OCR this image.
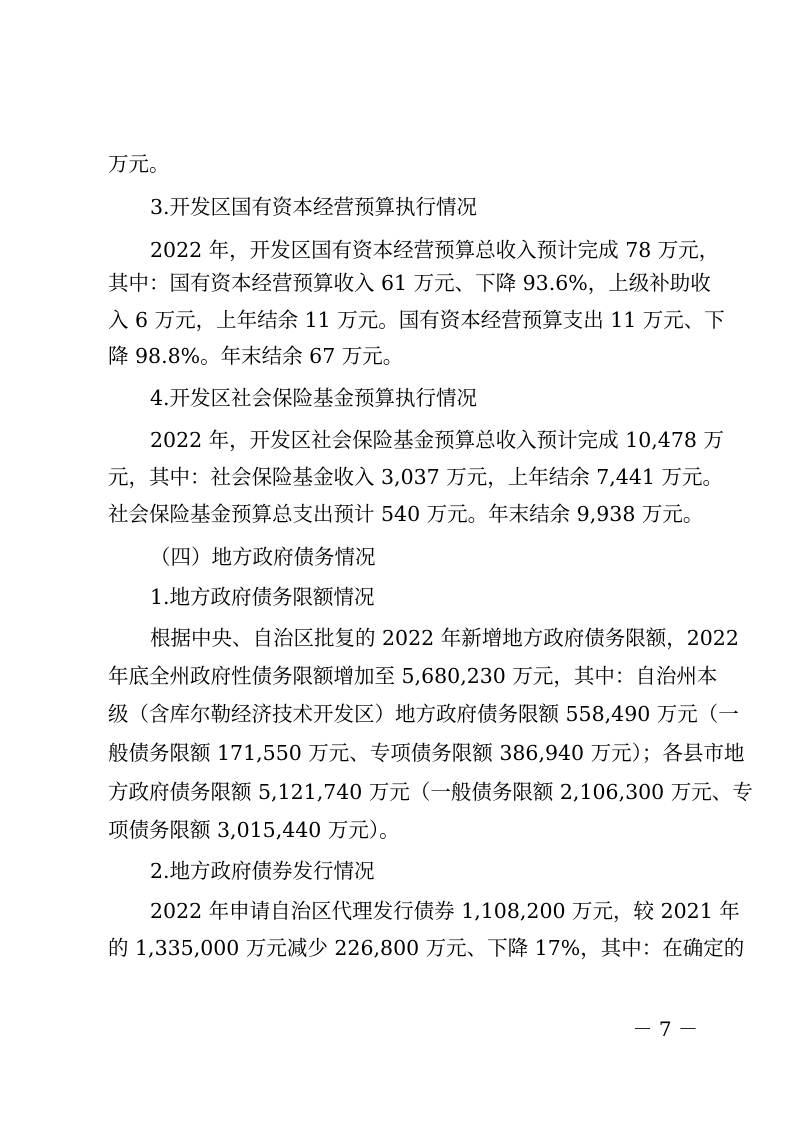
万元。
3.开发区国有资本经营预算执行情况
2022 年，开发区国有资本经营预算总收入预计完成 78 万元，
其中：国有资本经营预算收入 61 万元、下降 93.6%，上级补助收
入 6 万元，上年结余 11 万元。国有资本经营预算支出 11 万元、下
降 98.8%。年末结余 67 万元。
4.开发区社会保险基金预算执行情况
2022 年，开发区社会保险基金预算总收入预计完成 10,478 万
元，其中：社会保险基金收入 3,037 万元，上年结余 7,441 万元。
社会保险基金预算总支出预计 540 万元。年末结余 9,938 万元。
（四）地方政府债务情况
1.地方政府债务限额情况
根据中央、自治区批复的 2022 年新增地方政府债务限额，2022
年底全州政府性债务限额增加至 5,680,230 万元，其中：自治州本
级（含库尔勒经济技术开发区）地方政府债务限额 558,490 万元（一
般债务限额 171,550 万元、专项债务限额 386,940 万元）；各县市地
方政府债务限额 5,121,740 万元（一般债务限额 2,106,300 万元、专
项债务限额 3,015,440 万元）。
2.地方政府债券发行情况
2022 年申请自治区代理发行债券 1,108,200 万元，较 2021 年
的 1,335,000 万元减少 226,800 万元、下降 17%，其中：在确定的
－ 7 －
